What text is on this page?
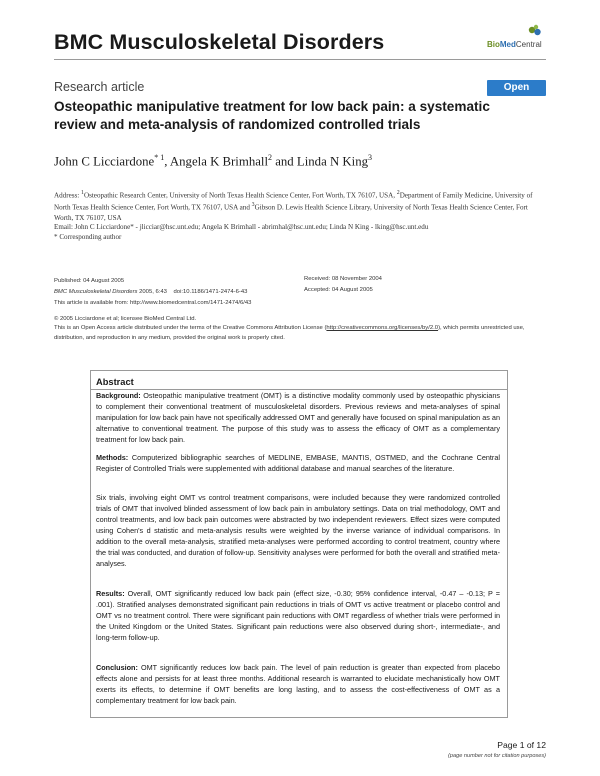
BMC Musculoskeletal Disorders	BioMedCentral
Research article	Open Access
Osteopathic manipulative treatment for low back pain: a systematic review and meta-analysis of randomized controlled trials
John C Licciardone$^{* 1}$, Angela K Brimhall$^2$ and Linda N King$^3$
Address: $^1$Osteopathic Research Center, University of North Texas Health Science Center, Fort Worth, TX 76107, USA, $^2$Department of Family Medicine, University of North Texas Health Science Center, Fort Worth, TX 76107, USA and $^3$Gibson D. Lewis Health Science Library, University of North Texas Health Science Center, Fort Worth, TX 76107, USA
Email: John C Licciardone* - jlicciar@hsc.unt.edu; Angela K Brimhall - abrimhal@hsc.unt.edu; Linda N King - lking@hsc.unt.edu
* Corresponding author
Published: 04 August 2005
BMC Musculoskeletal Disorders 2005, 6:43 doi:10.1186/1471-2474-6-43
Received: 08 November 2004
Accepted: 04 August 2005
This article is available from: http://www.biomedcentral.com/1471-2474/6/43
© 2005 Licciardone et al; licensee BioMed Central Ltd.
This is an Open Access article distributed under the terms of the Creative Commons Attribution License (http://creativecommons.org/licenses/by/2.0), which permits unrestricted use, distribution, and reproduction in any medium, provided the original work is properly cited.
Abstract
Background: Osteopathic manipulative treatment (OMT) is a distinctive modality commonly used by osteopathic physicians to complement their conventional treatment of musculoskeletal disorders. Previous reviews and meta-analyses of spinal manipulation for low back pain have not specifically addressed OMT and generally have focused on spinal manipulation as an alternative to conventional treatment. The purpose of this study was to assess the efficacy of OMT as a complementary treatment for low back pain.
Methods: Computerized bibliographic searches of MEDLINE, EMBASE, MANTIS, OSTMED, and the Cochrane Central Register of Controlled Trials were supplemented with additional database and manual searches of the literature.
Six trials, involving eight OMT vs control treatment comparisons, were included because they were randomized controlled trials of OMT that involved blinded assessment of low back pain in ambulatory settings. Data on trial methodology, OMT and control treatments, and low back pain outcomes were abstracted by two independent reviewers. Effect sizes were computed using Cohen's d statistic and meta-analysis results were weighted by the inverse variance of individual comparisons. In addition to the overall meta-analysis, stratified meta-analyses were performed according to control treatment, country where the trial was conducted, and duration of follow-up. Sensitivity analyses were performed for both the overall and stratified meta-analyses.
Results: Overall, OMT significantly reduced low back pain (effect size, -0.30; 95% confidence interval, -0.47 – -0.13; P = .001). Stratified analyses demonstrated significant pain reductions in trials of OMT vs active treatment or placebo control and OMT vs no treatment control. There were significant pain reductions with OMT regardless of whether trials were performed in the United Kingdom or the United States. Significant pain reductions were also observed during short-, intermediate-, and long-term follow-up.
Conclusion: OMT significantly reduces low back pain. The level of pain reduction is greater than expected from placebo effects alone and persists for at least three months. Additional research is warranted to elucidate mechanistically how OMT exerts its effects, to determine if OMT benefits are long lasting, and to assess the cost-effectiveness of OMT as a complementary treatment for low back pain.
Page 1 of 12
(page number not for citation purposes)
